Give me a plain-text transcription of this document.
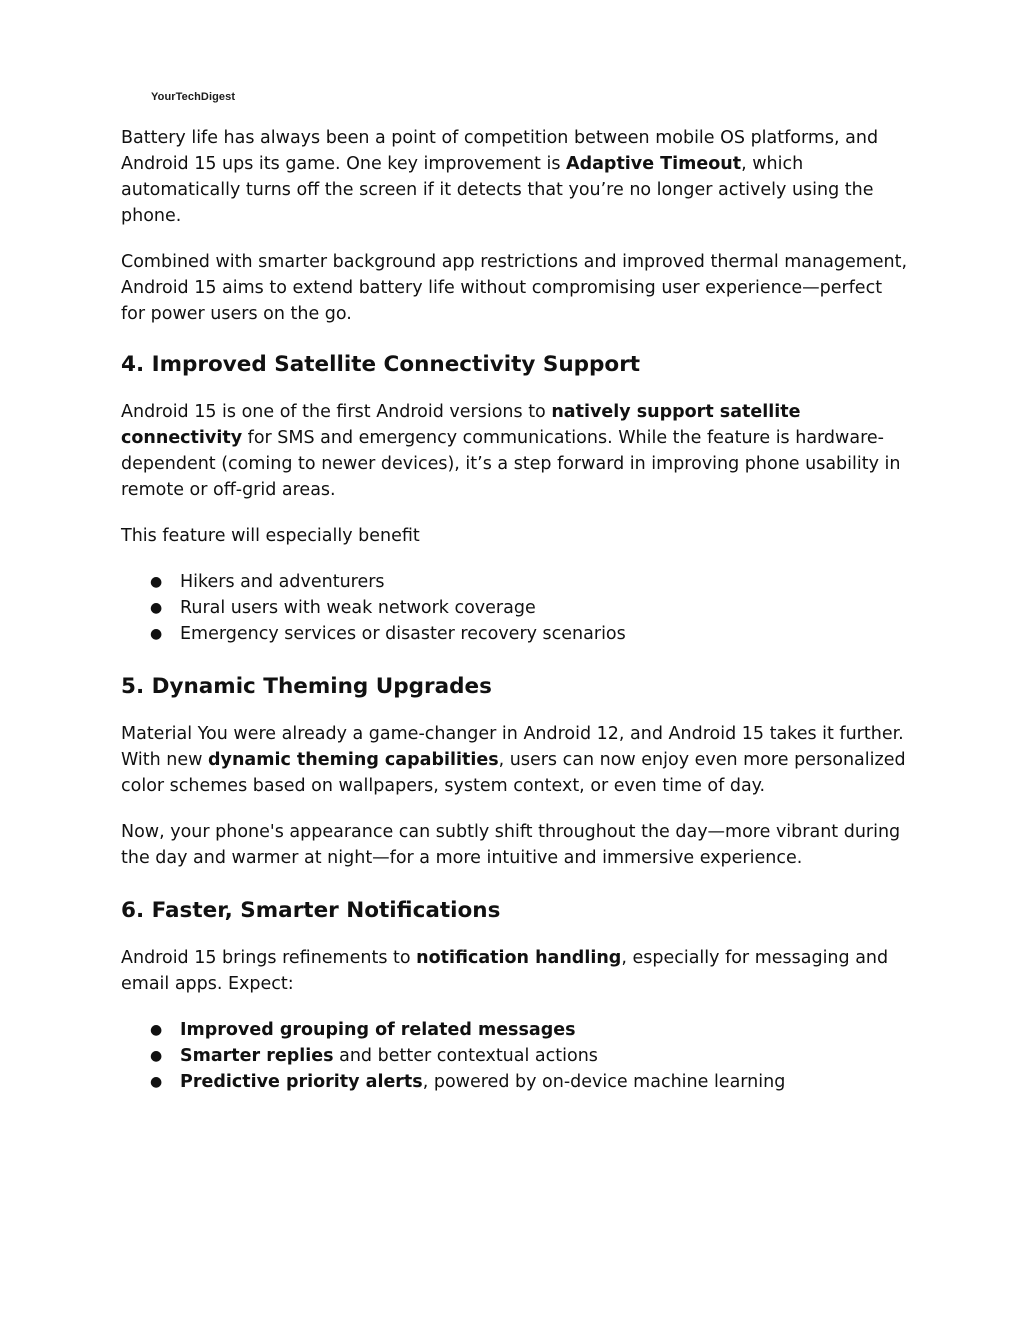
YourTechDigest

Battery life has always been a point of competition between mobile OS platforms, and Android 15 ups its game. One key improvement is Adaptive Timeout, which automatically turns off the screen if it detects that you’re no longer actively using the phone.

Combined with smarter background app restrictions and improved thermal management, Android 15 aims to extend battery life without compromising user experience—perfect for power users on the go.

4. Improved Satellite Connectivity Support

Android 15 is one of the first Android versions to natively support satellite connectivity for SMS and emergency communications. While the feature is hardware-dependent (coming to newer devices), it’s a step forward in improving phone usability in remote or off-grid areas.

This feature will especially benefit

● Hikers and adventurers
● Rural users with weak network coverage
● Emergency services or disaster recovery scenarios
5. Dynamic Theming Upgrades

Material You were already a game-changer in Android 12, and Android 15 takes it further. With new dynamic theming capabilities, users can now enjoy even more personalized color schemes based on wallpapers, system context, or even time of day.

Now, your phone's appearance can subtly shift throughout the day—more vibrant during the day and warmer at night—for a more intuitive and immersive experience.

6. Faster, Smarter Notifications

Android 15 brings refinements to notification handling, especially for messaging and email apps. Expect:

● Improved grouping of related messages
● Smarter replies and better contextual actions
● Predictive priority alerts, powered by on-device machine learning
